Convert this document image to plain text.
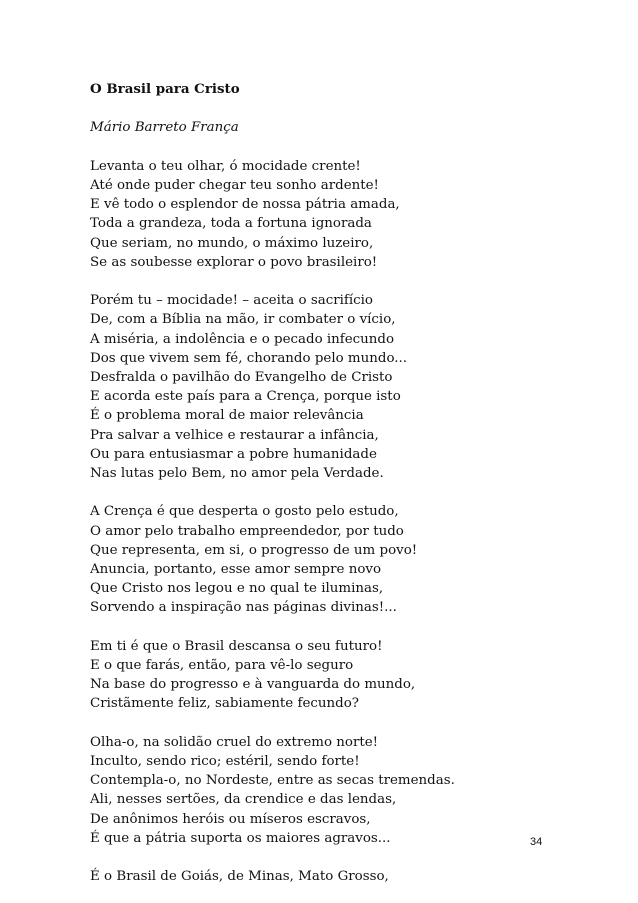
O Brasil para Cristo
Mário Barreto França
Levanta o teu olhar, ó mocidade crente!
Até onde puder chegar teu sonho ardente!
E vê todo o esplendor de nossa pátria amada,
Toda a grandeza, toda a fortuna ignorada
Que seriam, no mundo, o máximo luzeiro,
Se as soubesse explorar o povo brasileiro!
Porém tu – mocidade! – aceita o sacrifício
De, com a Bíblia na mão, ir combater o vício,
A miséria, a indolência e o pecado infecundo
Dos que vivem sem fé, chorando pelo mundo...
Desfralda o pavilhão do Evangelho de Cristo
E acorda este país para a Crença, porque isto
É o problema moral de maior relevância
Pra salvar a velhice e restaurar a infância,
Ou para entusiasmar a pobre humanidade
Nas lutas pelo Bem, no amor pela Verdade.
A Crença é que desperta o gosto pelo estudo,
O amor pelo trabalho empreendedor, por tudo
Que representa, em si, o progresso de um povo!
Anuncia, portanto, esse amor sempre novo
Que Cristo nos legou e no qual te iluminas,
Sorvendo a inspiração nas páginas divinas!...
Em ti é que o Brasil descansa o seu futuro!
E o que farás, então, para vê-lo seguro
Na base do progresso e à vanguarda do mundo,
Cristãmente feliz, sabiamente fecundo?
Olha-o, na solidão cruel do extremo norte!
Inculto, sendo rico; estéril, sendo forte!
Contempla-o, no Nordeste, entre as secas tremendas.
Ali, nesses sertões, da crendice e das lendas,
De anônimos heróis ou míseros escravos,
É que a pátria suporta os maiores agravos...
É o Brasil de Goiás, de Minas, Mato Grosso,
34
